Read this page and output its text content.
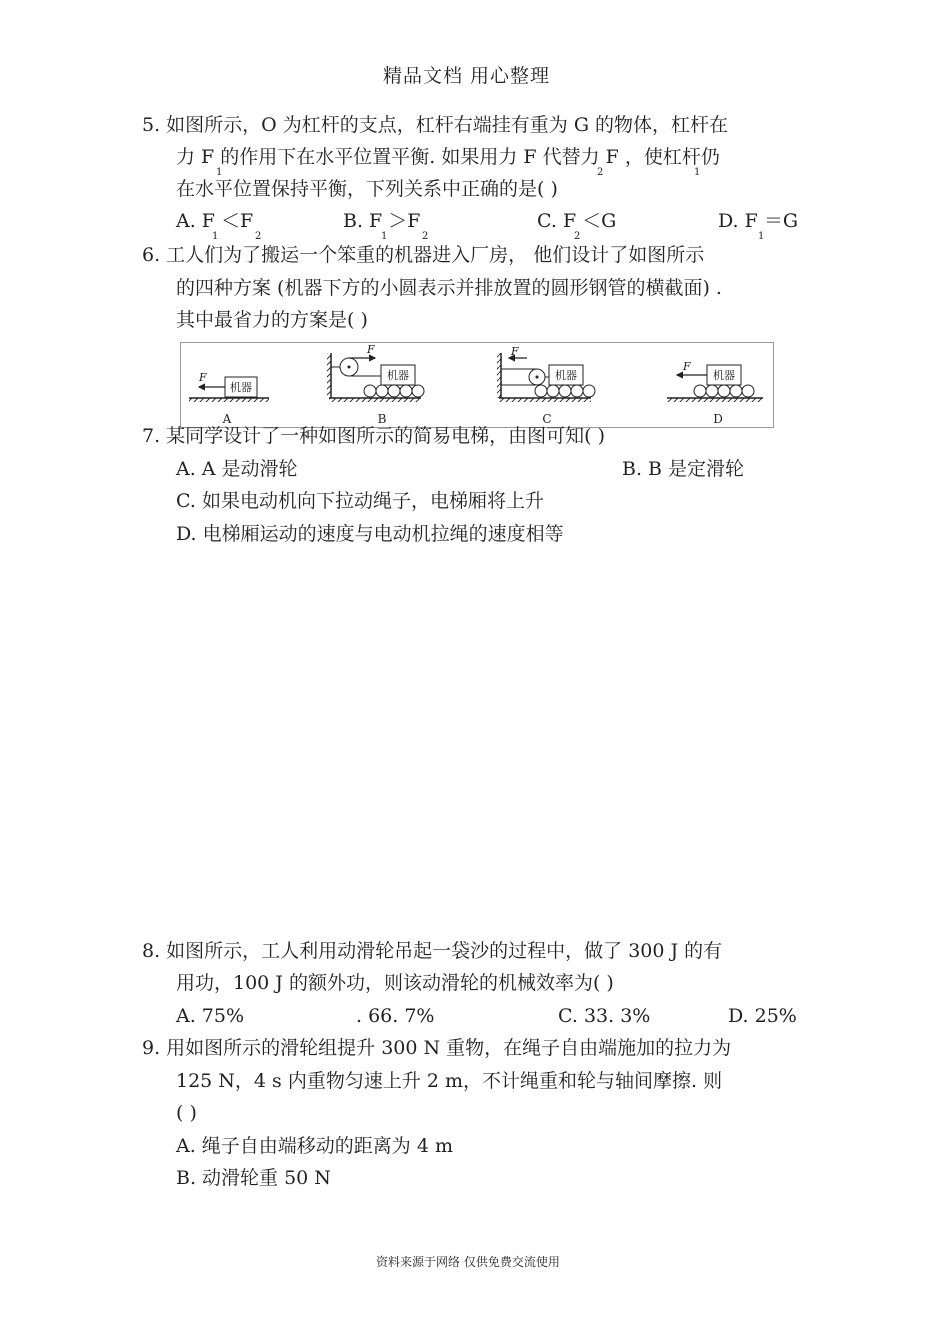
精品文档 用心整理
5. 如图所示，O 为杠杆的支点，杠杆右端挂有重为 G 的物体，杠杆在
力 F 的作用下在水平位置平衡. 如果用力 F 代替力 F ，使杠杆仍
1	2	1
在水平位置保持平衡，下列关系中正确的是( )
A. F ＜F	B. F ＞F	C. F ＜G	D. F ＝G
1	2	1	2	2	1
6. 工人们为了搬运一个笨重的机器进入厂房， 他们设计了如图所示
的四种方案 (机器下方的小圆表示并排放置的圆形钢管的横截面) .
其中最省力的方案是( )
机器
F
A
F
机器
B
F
机器
C
机器
F
D
7. 某同学设计了一种如图所示的简易电梯，由图可知( )
A. A 是动滑轮	B. B 是定滑轮
C. 如果电动机向下拉动绳子，电梯厢将上升
D. 电梯厢运动的速度与电动机拉绳的速度相等
8. 如图所示，工人利用动滑轮吊起一袋沙的过程中，做了 300 J 的有
用功，100 J 的额外功，则该动滑轮的机械效率为( )
A. 75%	. 66. 7%	C. 33. 3%	D. 25%
9. 用如图所示的滑轮组提升 300 N 重物，在绳子自由端施加的拉力为
125 N，4 s 内重物匀速上升 2 m，不计绳重和轮与轴间摩擦. 则
( )
A. 绳子自由端移动的距离为 4 m
B. 动滑轮重 50 N
资料来源于网络 仅供免费交流使用
